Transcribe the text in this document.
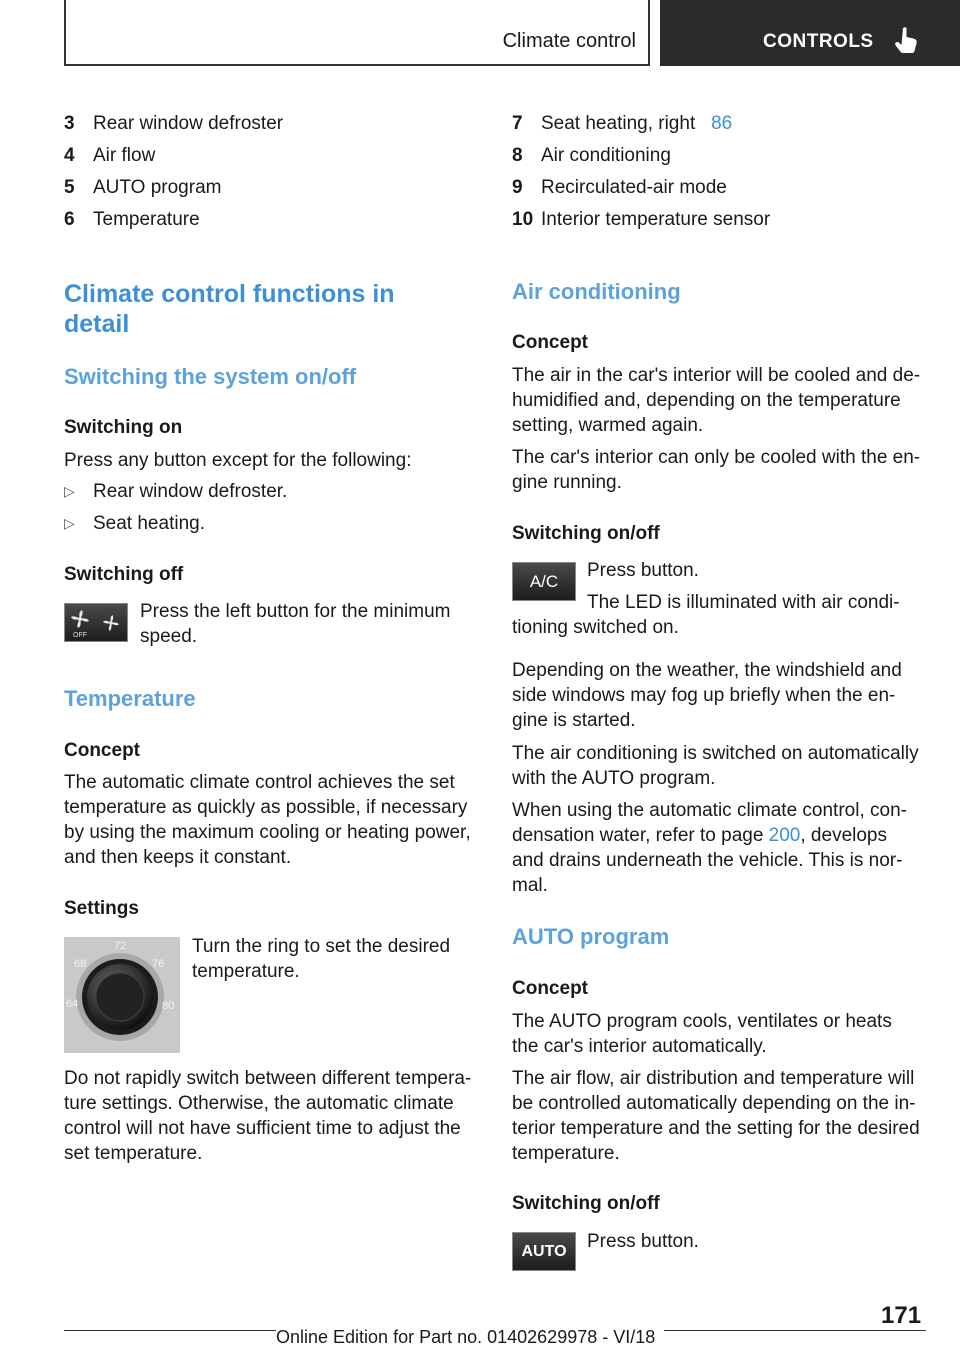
Climate control	CONTROLS
3 Rear window defroster
4 Air flow
5 AUTO program
6 Temperature
Climate control functions in
detail
Switching the system on/off
Switching on
Press any button except for the following:
▷ Rear window defroster.
▷ Seat heating.
Switching off
OFF
Press the left button for the minimum
speed.
Temperature
Concept
The automatic climate control achieves the set
temperature as quickly as possible, if necessary
by using the maximum cooling or heating power,
and then keeps it constant.
Settings
64
68
72
76
80
Turn the ring to set the desired
temperature.
Do not rapidly switch between different tempera‐
ture settings. Otherwise, the automatic climate
control will not have sufficient time to adjust the
set temperature.
7 Seat heating, right 86
8 Air conditioning
9 Recirculated-air mode
10 Interior temperature sensor
Air conditioning
Concept
The air in the car's interior will be cooled and de‐
humidified and, depending on the temperature
setting, warmed again.
The car's interior can only be cooled with the en‐
gine running.
Switching on/off
A/C Press button.
The LED is illuminated with air condi‐
tioning switched on.
Depending on the weather, the windshield and
side windows may fog up briefly when the en‐
gine is started.
The air conditioning is switched on automatically
with the AUTO program.
When using the automatic climate control, con‐
densation water, refer to page 200, develops
and drains underneath the vehicle. This is nor‐
mal.
AUTO program
Concept
The AUTO program cools, ventilates or heats
the car's interior automatically.
The air flow, air distribution and temperature will
be controlled automatically depending on the in‐
terior temperature and the setting for the desired
temperature.
Switching on/off
AUTO Press button.
171
Online Edition for Part no. 01402629978 - VI/18
